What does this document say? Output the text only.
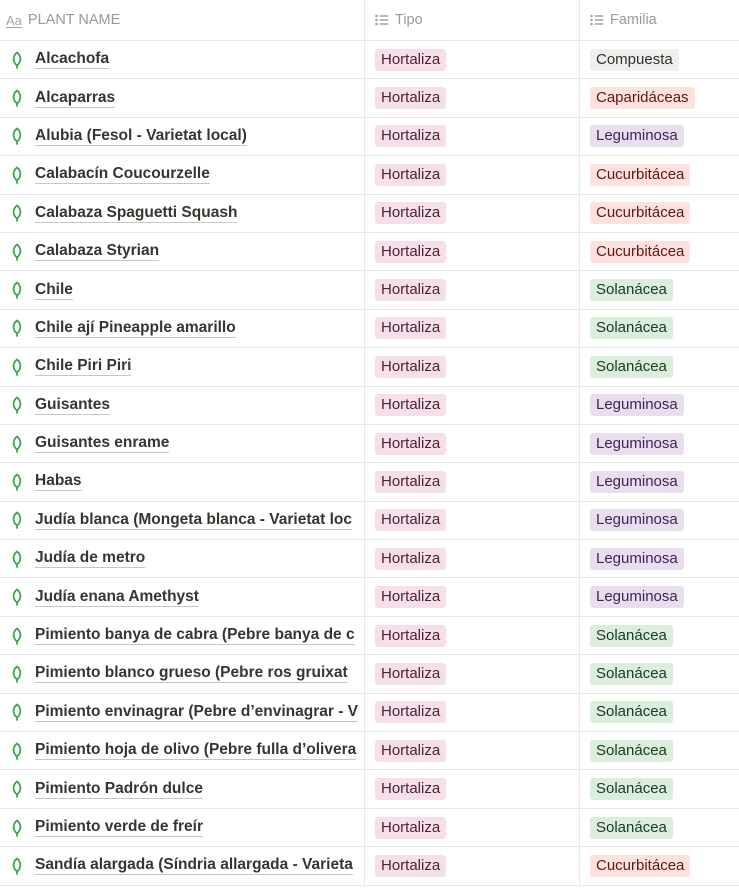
Aa PLANT NAME	Tipo	Familia
Alcachofa	Hortaliza	Compuesta
Alcaparras	Hortaliza	Caparidáceas
Alubia (Fesol - Varietat local)	Hortaliza	Leguminosa
Calabacín Coucourzelle	Hortaliza	Cucurbitácea
Calabaza Spaguetti Squash	Hortaliza	Cucurbitácea
Calabaza Styrian	Hortaliza	Cucurbitácea
Chile	Hortaliza	Solanácea
Chile ají Pineapple amarillo	Hortaliza	Solanácea
Chile Piri Piri	Hortaliza	Solanácea
Guisantes	Hortaliza	Leguminosa
Guisantes enrame	Hortaliza	Leguminosa
Habas	Hortaliza	Leguminosa
Judía blanca (Mongeta blanca - Varietat loc	Hortaliza	Leguminosa
Judía de metro	Hortaliza	Leguminosa
Judía enana Amethyst	Hortaliza	Leguminosa
Pimiento banya de cabra (Pebre banya de c	Hortaliza	Solanácea
Pimiento blanco grueso (Pebre ros gruixat	Hortaliza	Solanácea
Pimiento envinagrar (Pebre d’envinagrar - V	Hortaliza	Solanácea
Pimiento hoja de olivo (Pebre fulla d’olivera	Hortaliza	Solanácea
Pimiento Padrón dulce	Hortaliza	Solanácea
Pimiento verde de freír	Hortaliza	Solanácea
Sandía alargada (Síndria allargada - Varieta	Hortaliza	Cucurbitácea
